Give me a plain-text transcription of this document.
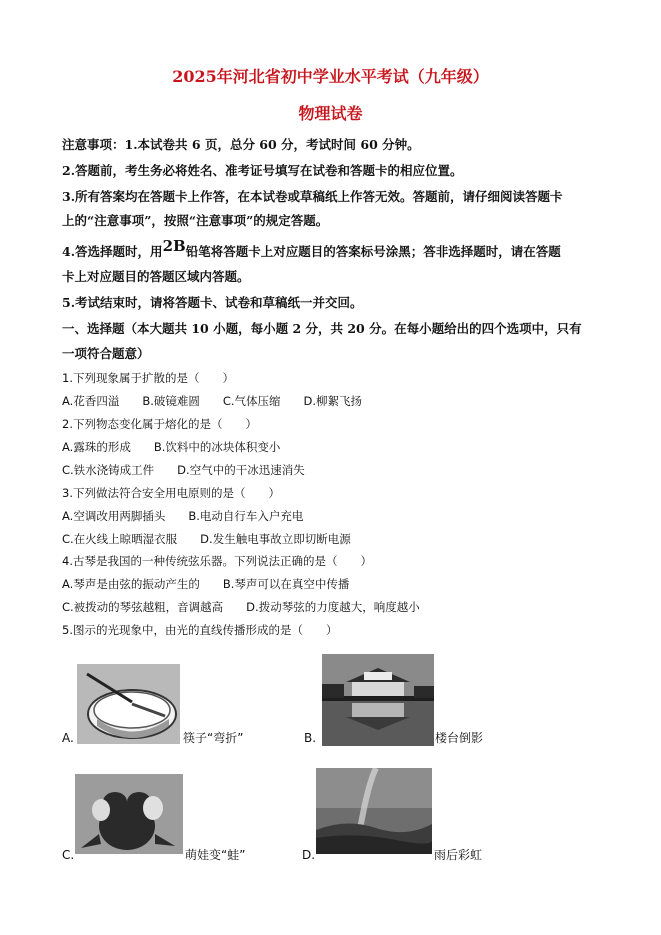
2025年河北省初中学业水平考试（九年级）
物理试卷
注意事项：1.本试卷共 6 页，总分 60 分，考试时间 60 分钟。
2.答题前，考生务必将姓名、准考证号填写在试卷和答题卡的相应位置。
3.所有答案均在答题卡上作答，在本试卷或草稿纸上作答无效。答题前，请仔细阅读答题卡
上的“注意事项”，按照“注意事项”的规定答题。
4.答选择题时，用2B铅笔将答题卡上对应题目的答案标号涂黑；答非选择题时，请在答题
卡上对应题目的答题区域内答题。
5.考试结束时，请将答题卡、试卷和草稿纸一并交回。
一、选择题（本大题共 10 小题，每小题 2 分，共 20 分。在每小题给出的四个选项中，只有
一项符合题意）
1.下列现象属于扩散的是（　　）
A.花香四溢　　B.破镜难圆　　C.气体压缩　　D.柳絮飞扬
2.下列物态变化属于熔化的是（　　）
A.露珠的形成　　B.饮料中的冰块体积变小
C.铁水浇铸成工件　　D.空气中的干冰迅速消失
3.下列做法符合安全用电原则的是（　　）
A.空调改用两脚插头　　B.电动自行车入户充电
C.在火线上晾晒湿衣服　　D.发生触电事故立即切断电源
4.古琴是我国的一种传统弦乐器。下列说法正确的是（　　）
A.琴声是由弦的振动产生的　　B.琴声可以在真空中传播
C.被拨动的琴弦越粗，音调越高　　D.拨动琴弦的力度越大，响度越小
5.图示的光现象中，由光的直线传播形成的是（　　）
A.	筷子“弯折”	B.	楼台倒影
C.	萌娃变“蛙”	D.	雨后彩虹
